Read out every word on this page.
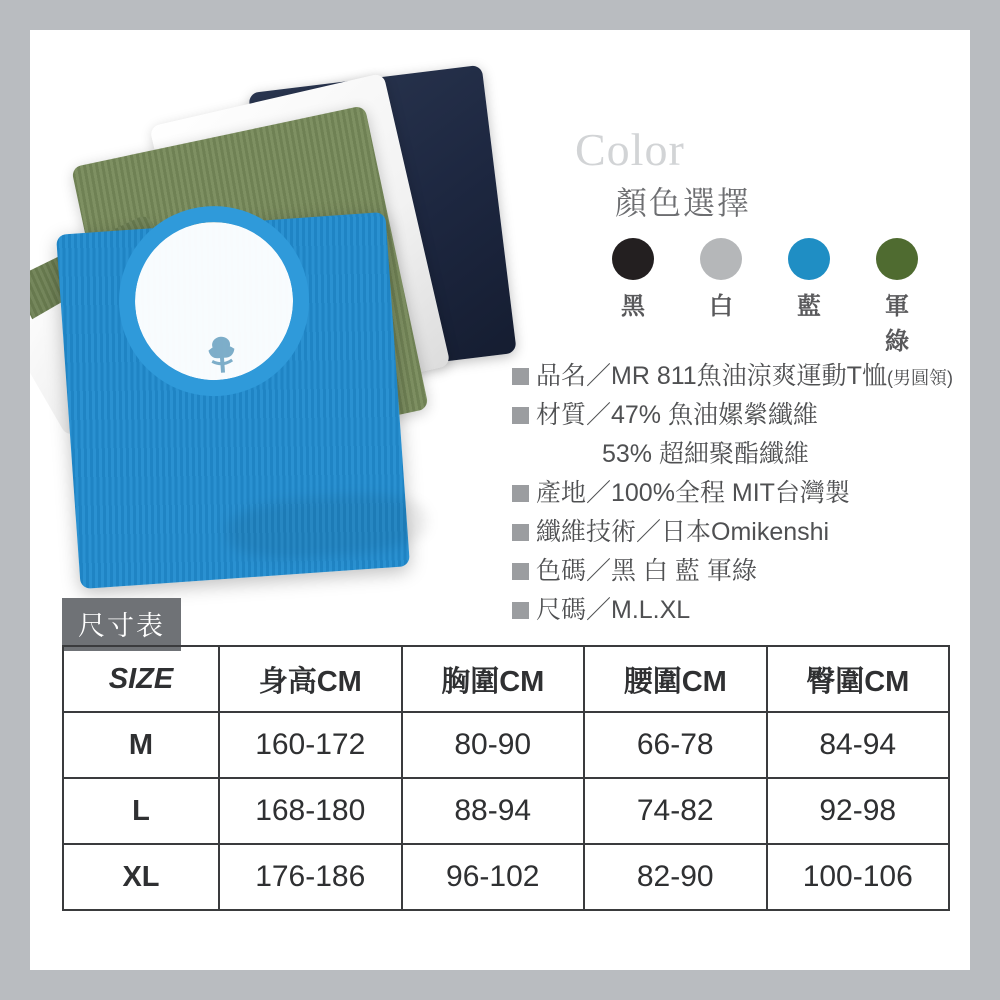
Color
顏色選擇
黑	白	藍	軍綠
品名／MR 811魚油涼爽運動T恤(男圓領)
材質／47% 魚油嫘縈纖維
53% 超細聚酯纖維
產地／100%全程 MIT台灣製
纖維技術／日本Omikenshi
色碼／黑 白 藍 軍綠
尺碼／M.L.XL
尺寸表
SIZE	身高CM	胸圍CM	腰圍CM	臀圍CM
M	160-172	80-90	66-78	84-94
L	168-180	88-94	74-82	92-98
XL	176-186	96-102	82-90	100-106
